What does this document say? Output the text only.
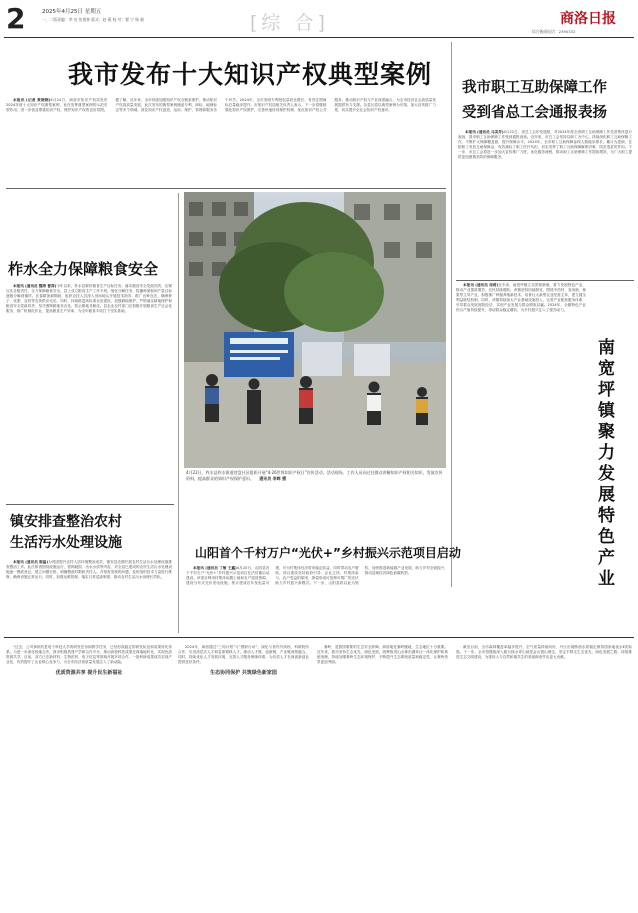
2	2025年4月25日 星期五
一、二版责编：李 亮 张建林 版式：赵 燕 校 对：翟 宁 杨 帆	[综 合]	商洛日报
综合新闻电话：2390332
我市发布十大知识产权典型案例

本报讯 (记者 黄晓晓)4月24日，商洛市知识产权局发布2024年度十大知识产权典型案例，旨在发挥典型案例的示范引领作用，进一步营造尊重知识产权、保护知识产权的良好氛围。据了解，近年来，全市持续加强知识产权全链条保护，推动知识产权高质量发展。此次发布的典型案例涵盖专利、商标、地理标志等多个领域，涉及知识产权创造、运用、保护、管理和服务各个环节。2024年，全市发明专利授权量同比增长，有效注册商标总量稳步提升。市知识产权局相关负责人表示，下一步将继续强化知识产权保护，完善快速协同保护机制，优化知识产权公共服务，推动知识产权与产业深度融合，为全市经济社会高质量发展提供有力支撑。各县区将以典型案例为引领，加大宣传推广力度，切实提升全社会知识产权意识。

我市职工互助保障工作
受到省总工会通报表扬

本报讯 (通讯员 马美芳)4月22日，省总工会印发通报，对2024年度全省职工互助保障工作先进集体进行表扬，我市职工互助保障工作受到通报表扬。近年来，市总工会坚持以职工为中心，持续深化职工互助保障工作，不断扩大保障覆盖面，提升保障水平。2024年，全市职工互助保障参保人数稳步增长，累计为患病、住院职工发放互助保障金，有效减轻了职工医疗负担，切实发挥了职工互助保障解困济难、防贫返贫的作用。下一步，市总工会将进一步加大宣传推广力度，优化服务流程，推动职工互助保障工作提质增效，为广大职工提供更加便捷高效的保障服务。

本报讯 (通讯员 周莉)近年来，南宽坪镇立足资源禀赋，着力发展特色产业，推动产业提质增效、农民持续增收。该镇坚持因地制宜，围绕中药材、食用菌、林果等主导产业，积极推广种植养殖新技术，培育壮大新型农业经营主体，建立健全利益联结机制。同时，该镇持续加大产业基础设施投入，完善产业配套服务体系，引导群众发展庭院经济，实现产业发展与群众增收双赢。2024年，全镇特色产业综合产值持续提升，带动群众稳定增收，为乡村振兴注入了强劲动力。

南宽坪镇聚力发展特色产业
柞水全力保障粮食安全

本报讯 (通讯员 魏涛 曹茜)今年以来，柞水县紧盯粮食生产目标任务，落实粮食安全党政同责，压紧压实各级责任，全力保障粮食安全。县上成立粮食生产工作专班，细化分解任务，将播种面积和产量目标逐级分解到镇村。在春耕备耕期间，组织农技人员深入田间地头开展技术指导，推广良种良法，确保种子、化肥、农药等农资供应充足。同时，持续推进高标准农田建设，加强耕地保护，严格落实耕地保护和粮食安全党政同责，坚决遏制耕地非农化，防止耕地非粮化。县农业农村部门还积极开展粮食生产社会化服务，推广机械化作业，提高粮食生产效率，为全年粮食丰收打下坚实基础。

镇安排查整治农村
生活污水处理设施

本报讯 (通讯员 陈磊)为巩固提升农村人居环境整治成效，镇安县近期开展农村生活污水处理设施排查整治工作。此次排查围绕设施运行、管网破损、出水水质等内容，对全县已建成的农村生活污水处理设施逐一摸底登记，建立问题台账，明确整改时限和责任人。对排查发现的问题，及时组织技术力量进行维修，确保设施正常运行。同时，加强运维管理，落实日常巡查制度，推动农村生活污水治理长效化。

4月22日，柞水县柞水街道营盘社区组织开展“4·26世界知识产权日”宣传活动，活动现场，工作人员向过往群众讲解知识产权相关知识，发放宣传资料，提高群众的知识产权保护意识。 通讯员 李辉 摄
山阳首个千村万户“光伏+”乡村振兴示范项目启动

本报讯 (通讯员 丁敏 王鑫)4月20日，山阳县首个千村万户“光伏+”乡村振兴示范项目在法官镇启动建设。该项目利用村集体闲置土地和农户屋顶资源，建设分布式光伏发电设施，预计建成后年发电量可观，可为村集体经济带来稳定收益，同时带动农户增收。项目建设坚持政府引导、企业主体、村集体参与、农户受益的原则，探索形成可复制可推广的光伏助力乡村振兴新模式。下一步，山阳县将以此为契机，加快推进新能源产业发展，助力乡村全面振兴，推动县域经济绿色低碳转型。

“过去，公司承担的是电子科技大学的研发任务和教学任务，已经形成稳定的研发队伍和成果转化体系。为进一步深化校地合作，我市积极搭建产学研合作平台，推动高校科技成果在商落地转化，实现优质资源共享。目前，双方已在新材料、生物医药、电子信息等领域开展多项合作，一批科研成果成功实现产业化，有效提升了企业核心竞争力，为全市经济高质量发展注入了新动能。

优质资源共享 提升民生新福祉

2024年，商洛通过“三同计划”与“银龄行动”，深化与省内外高校、科研院所合作，引进高层次人才和急需紧缺人才，推动人才链、创新链、产业链深度融合。同时，持续优化人才发展环境，完善人才服务保障体系，为各类人才在商创新创业提供良好条件。

生态协同保护 共筑绿色新家园

秦岭，是我国重要的生态安全屏障。商洛地处秦岭腹地，生态地位十分重要。近年来，我市坚持生态优先、绿色发展，统筹推进山水林田湖草沙一体化保护和系统治理，持续加强秦岭生态环境保护，不断提升生态系统质量和稳定性，让秦岭美景更加秀丽。

截至目前，全市森林覆盖率稳步提升，空气质量持续向好，丹江出境断面水质稳定保持国家地表水Ⅱ类标准。下一步，全市将继续深入践行绿水青山就是金山银山理念，坚定不移走生态优先、绿色发展之路，持续推进生态文明建设，为建设人与自然和谐共生的美丽商洛作出更大贡献。
